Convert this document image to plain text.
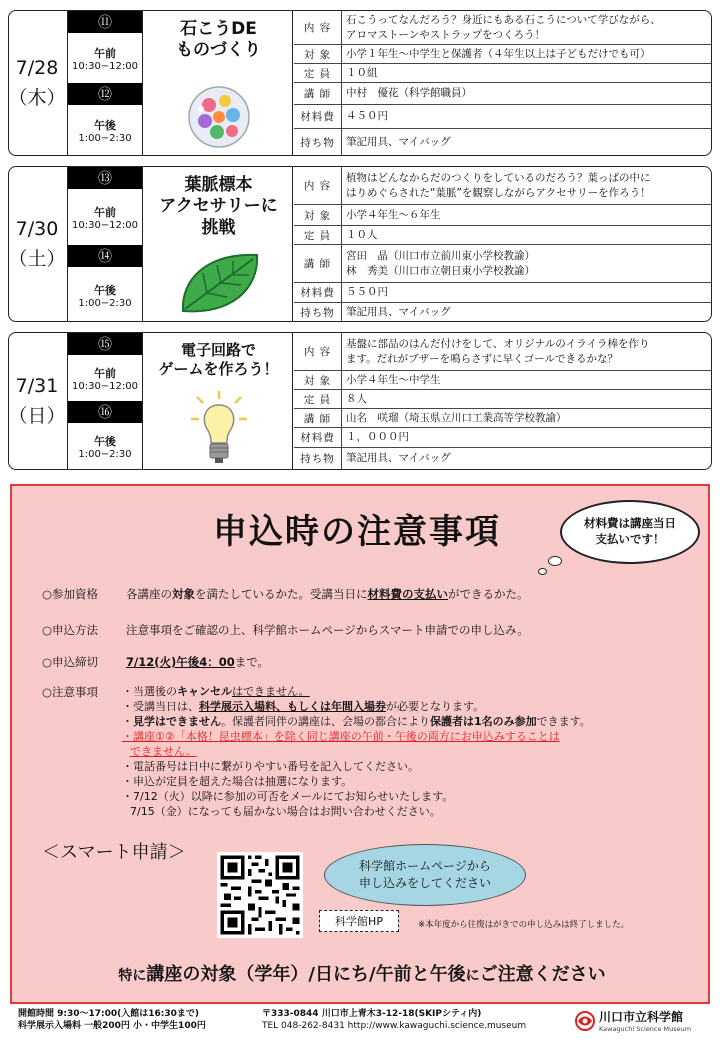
7/28
（木）
⑪
午前
10:30−12:00
⑫
午後
1:00−2:30
石こうDE
ものづくり
内 容
石こうってなんだろう？身近にもある石こうについて学びながら、
アロマストーンやストラップをつくろう！
対 象	小学１年生〜中学生と保護者（４年生以上は子どもだけでも可）
定 員	１０組
講 師	中村　優花（科学館職員）
材料費	４５０円
持ち物	筆記用具、マイバッグ
7/30
（土）
⑬
午前
10:30−12:00
⑭
午後
1:00−2:30
葉脈標本
アクセサリーに
挑戦
内 容
植物はどんなからだのつくりをしているのだろう？葉っぱの中に
はりめぐらされた“葉脈”を観察しながらアクセサリーを作ろう！
対 象	小学４年生〜６年生
定 員	１０人
講 師
宮田　晶（川口市立前川東小学校教諭）
林　秀美（川口市立朝日東小学校教諭）
材料費	５５０円
持ち物	筆記用具、マイバッグ
7/31
（日）
⑮
午前
10:30−12:00
⑯
午後
1:00−2:30
電子回路で
ゲームを作ろう！
内 容
基盤に部品のはんだ付けをして、オリジナルのイライラ棒を作り
ます。だれがブザーを鳴らさずに早くゴールできるかな？
対 象	小学４年生〜中学生
定 員	８人
講 師	山名　咲瑠（埼玉県立川口工業高等学校教諭）
材料費	１，０００円
持ち物	筆記用具、マイバッグ
申込時の注意事項	材料費は講座当日
支払いです！
○参加資格	各講座の対象を満たしているかた。受講当日に材料費の支払いができるかた。
○申込方法	注意事項をご確認の上、科学館ホームページからスマート申請での申し込み。
○申込締切	7/12(火)午後4：00まで。
○注意事項	・当選後のキャンセルはできません。
・受講当日は、科学展示入場料、もしくは年間入場券が必要となります。
・見学はできません。保護者同伴の講座は、会場の都合により保護者は1名のみ参加できます。
・講座①②「本格！昆虫標本」を除く同じ講座の午前・午後の両方にお申込みすることは
できません。
・電話番号は日中に繋がりやすい番号を記入してください。
・申込が定員を超えた場合は抽選になります。
・7/12（火）以降に参加の可否をメールにてお知らせいたします。
7/15（金）になっても届かない場合はお問い合わせください。
＜スマート申請＞
科学館ホームページから
申し込みをしてください
科学館HP	※本年度から往復はがきでの申し込みは終了しました。
特に講座の対象（学年）/日にち/午前と午後にご注意ください
開館時間 9:30〜17:00(入館は16:30まで)
科学展示入場料 一般200円 小・中学生100円
〒333-0844 川口市上青木3-12-18(SKIPシティ内)
TEL 048-262-8431 http://www.kawaguchi.science.museum
川口市立科学館
Kawaguchi Science Museum
